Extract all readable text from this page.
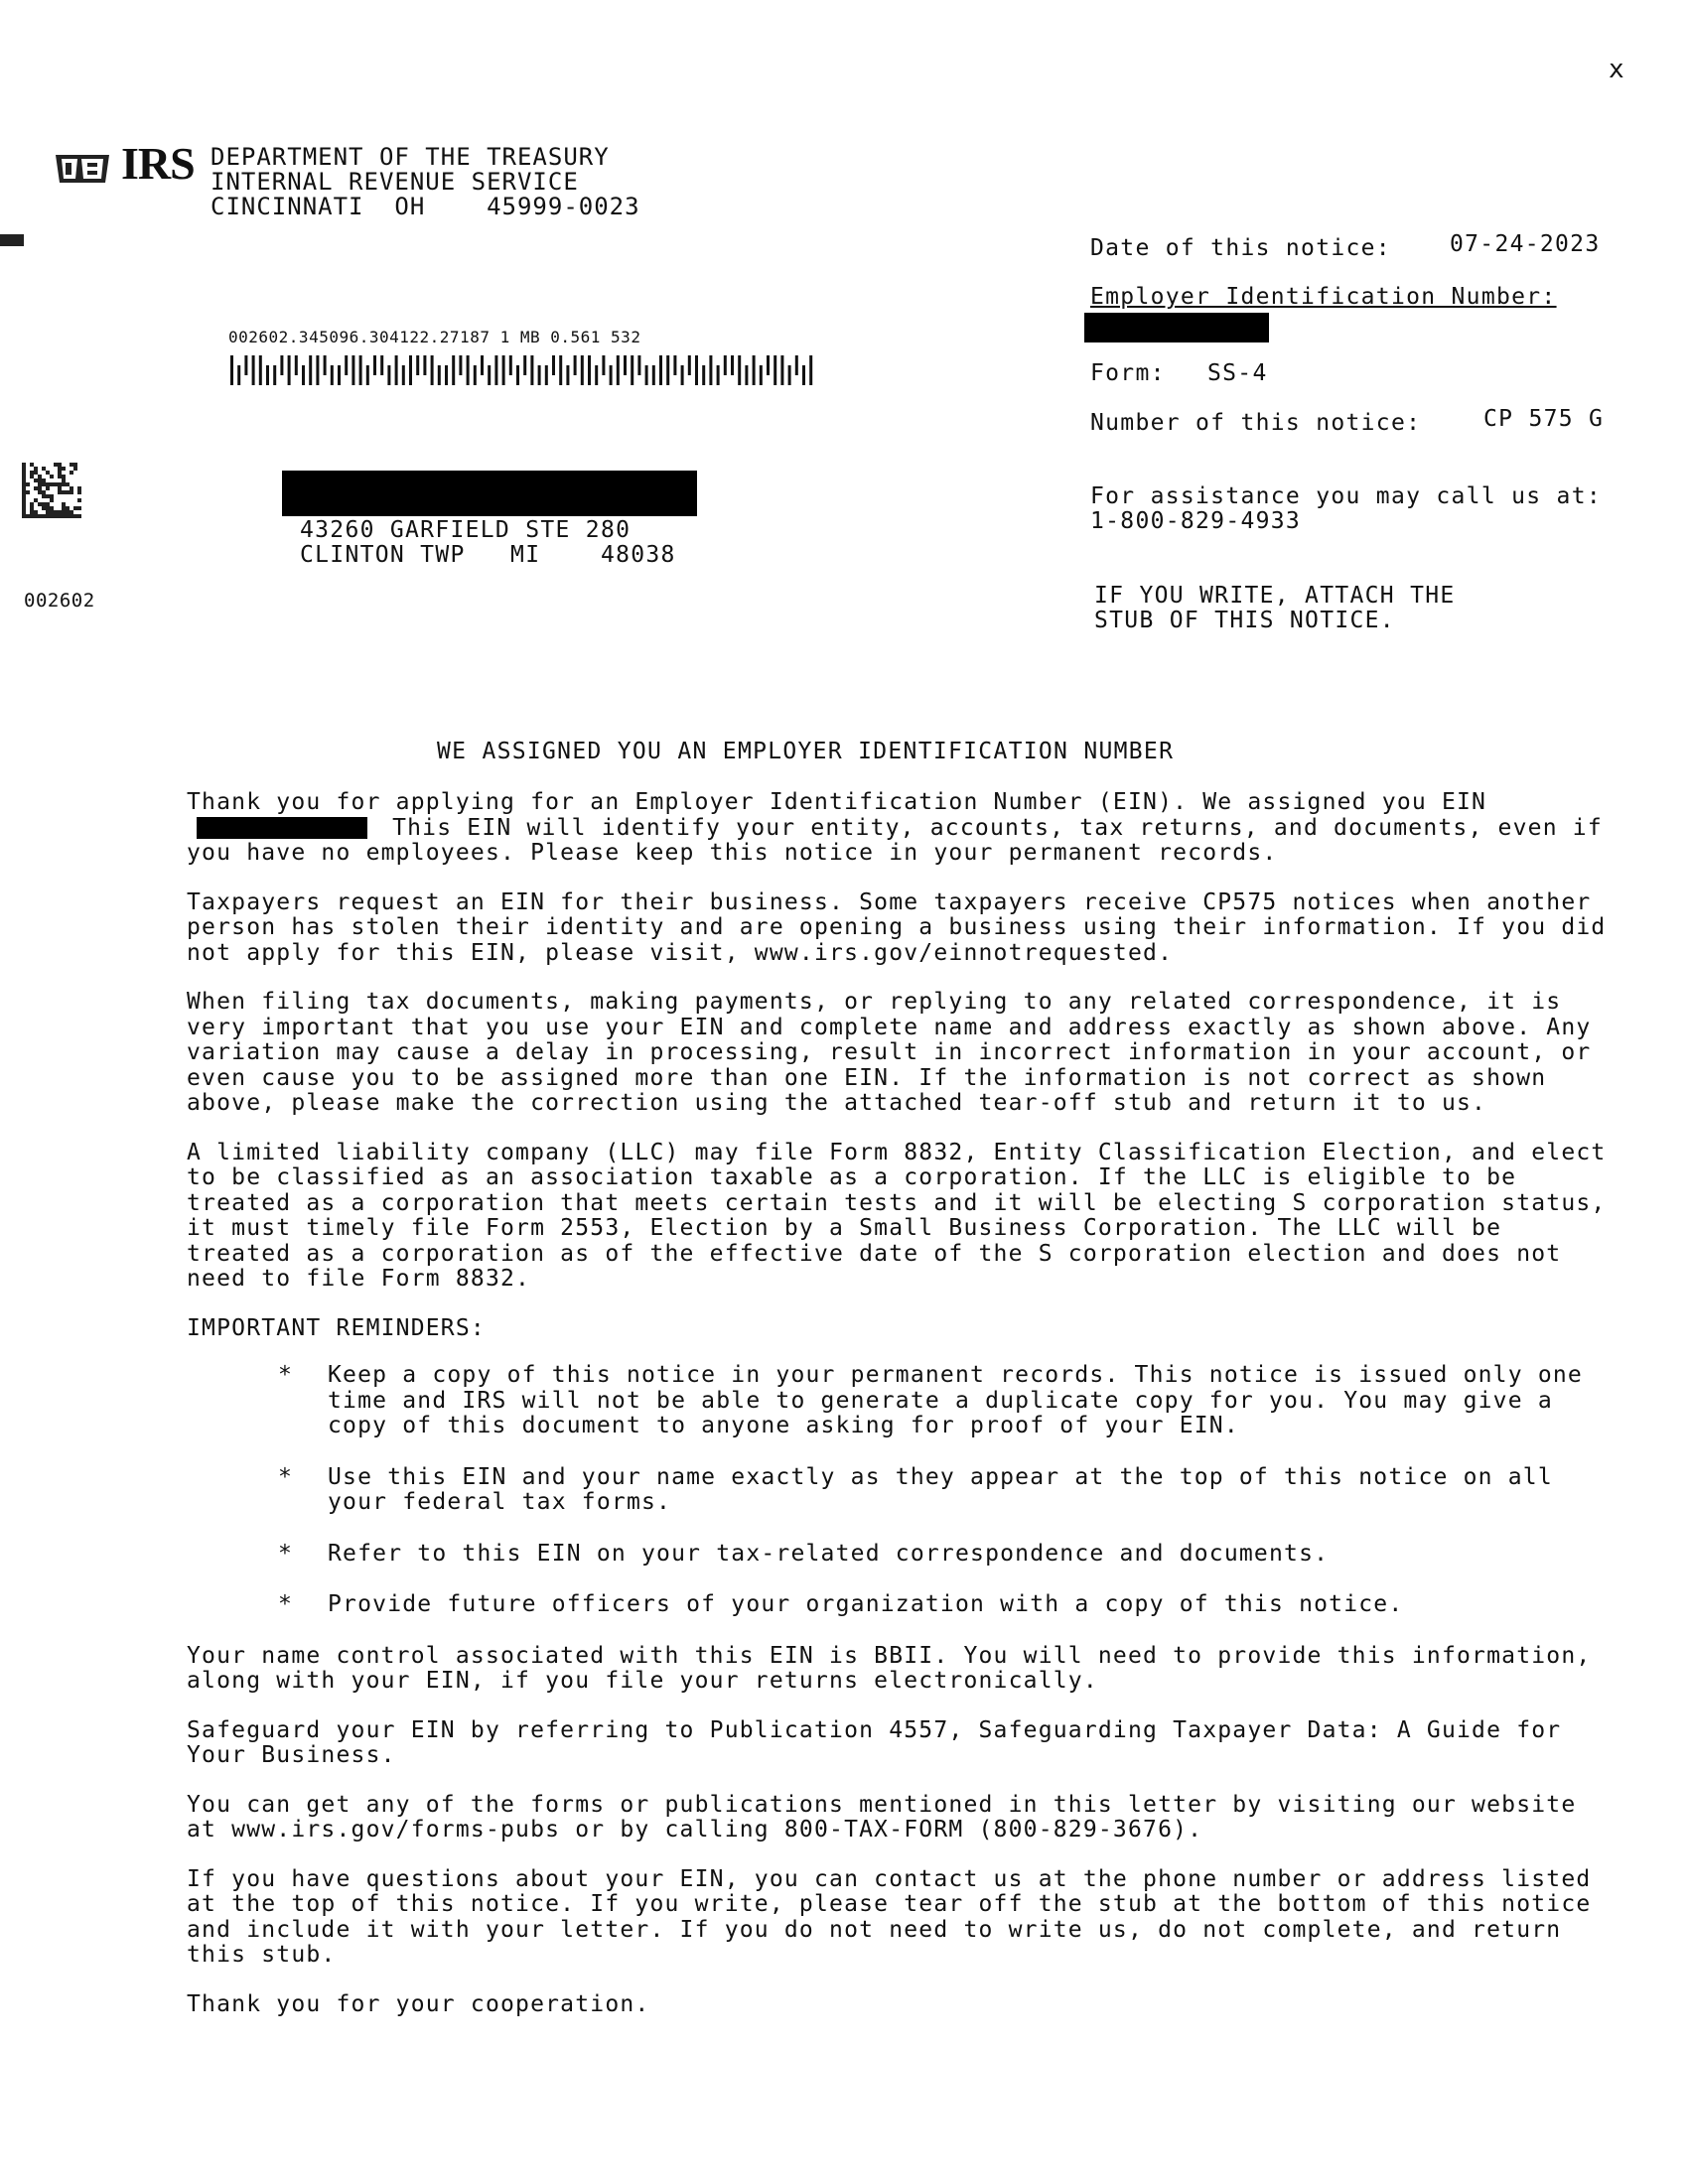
x
IRS DEPARTMENT OF THE TREASURY
INTERNAL REVENUE SERVICE
CINCINNATI  OH    45999-0023
Date of this notice:	07-24-2023
Employer Identification Number:
Form: SS-4
Number of this notice:	CP 575 G
For assistance you may call us at:
1-800-829-4933
IF YOU WRITE, ATTACH THE
STUB OF THIS NOTICE.
002602.345096.304122.27187 1 MB 0.561 532
43260 GARFIELD STE 280
CLINTON TWP   MI    48038
002602
WE ASSIGNED YOU AN EMPLOYER IDENTIFICATION NUMBER

Thank you for applying for an Employer Identification Number (EIN). We assigned you EIN  This EIN will identify your entity, accounts, tax returns, and documents, even if you have no employees. Please keep this notice in your permanent records.

Taxpayers request an EIN for their business. Some taxpayers receive CP575 notices when another person has stolen their identity and are opening a business using their information. If you did not apply for this EIN, please visit, www.irs.gov/einnotrequested.

When filing tax documents, making payments, or replying to any related correspondence, it is very important that you use your EIN and complete name and address exactly as shown above. Any variation may cause a delay in processing, result in incorrect information in your account, or even cause you to be assigned more than one EIN. If the information is not correct as shown above, please make the correction using the attached tear-off stub and return it to us.

A limited liability company (LLC) may file Form 8832, Entity Classification Election, and elect to be classified as an association taxable as a corporation. If the LLC is eligible to be treated as a corporation that meets certain tests and it will be electing S corporation status, it must timely file Form 2553, Election by a Small Business Corporation. The LLC will be treated as a corporation as of the effective date of the S corporation election and does not need to file Form 8832.

IMPORTANT REMINDERS:

* Keep a copy of this notice in your permanent records. This notice is issued only one time and IRS will not be able to generate a duplicate copy for you. You may give a copy of this document to anyone asking for proof of your EIN.
* Use this EIN and your name exactly as they appear at the top of this notice on all your federal tax forms.
* Refer to this EIN on your tax-related correspondence and documents.
* Provide future officers of your organization with a copy of this notice.

Your name control associated with this EIN is BBII. You will need to provide this information, along with your EIN, if you file your returns electronically.

Safeguard your EIN by referring to Publication 4557, Safeguarding Taxpayer Data: A Guide for Your Business.

You can get any of the forms or publications mentioned in this letter by visiting our website at www.irs.gov/forms-pubs or by calling 800-TAX-FORM (800-829-3676).

If you have questions about your EIN, you can contact us at the phone number or address listed at the top of this notice. If you write, please tear off the stub at the bottom of this notice and include it with your letter. If you do not need to write us, do not complete, and return this stub.

Thank you for your cooperation.
